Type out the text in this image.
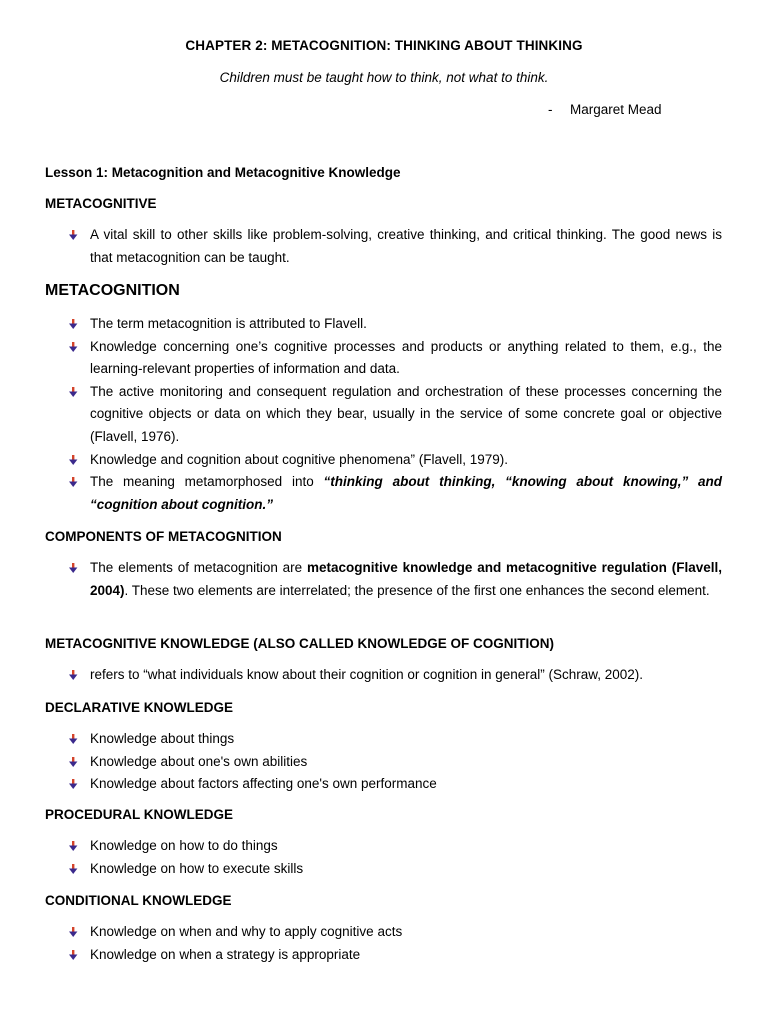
CHAPTER 2: METACOGNITION: THINKING ABOUT THINKING
Children must be taught how to think, not what to think.
- Margaret Mead
Lesson 1: Metacognition and Metacognitive Knowledge
METACOGNITIVE
A vital skill to other skills like problem-solving, creative thinking, and critical thinking. The good news is that metacognition can be taught.
METACOGNITION
The term metacognition is attributed to Flavell.
Knowledge concerning one’s cognitive processes and products or anything related to them, e.g., the learning-relevant properties of information and data.
The active monitoring and consequent regulation and orchestration of these processes concerning the cognitive objects or data on which they bear, usually in the service of some concrete goal or objective (Flavell, 1976).
Knowledge and cognition about cognitive phenomena” (Flavell, 1979).
The meaning metamorphosed into “thinking about thinking, “knowing about knowing,” and “cognition about cognition.”
COMPONENTS OF METACOGNITION
The elements of metacognition are metacognitive knowledge and metacognitive regulation (Flavell, 2004). These two elements are interrelated; the presence of the first one enhances the second element.
METACOGNITIVE KNOWLEDGE (ALSO CALLED KNOWLEDGE OF COGNITION)
refers to “what individuals know about their cognition or cognition in general” (Schraw, 2002).
DECLARATIVE KNOWLEDGE
Knowledge about things
Knowledge about one's own abilities
Knowledge about factors affecting one's own performance
PROCEDURAL KNOWLEDGE
Knowledge on how to do things
Knowledge on how to execute skills
CONDITIONAL KNOWLEDGE
Knowledge on when and why to apply cognitive acts
Knowledge on when a strategy is appropriate
